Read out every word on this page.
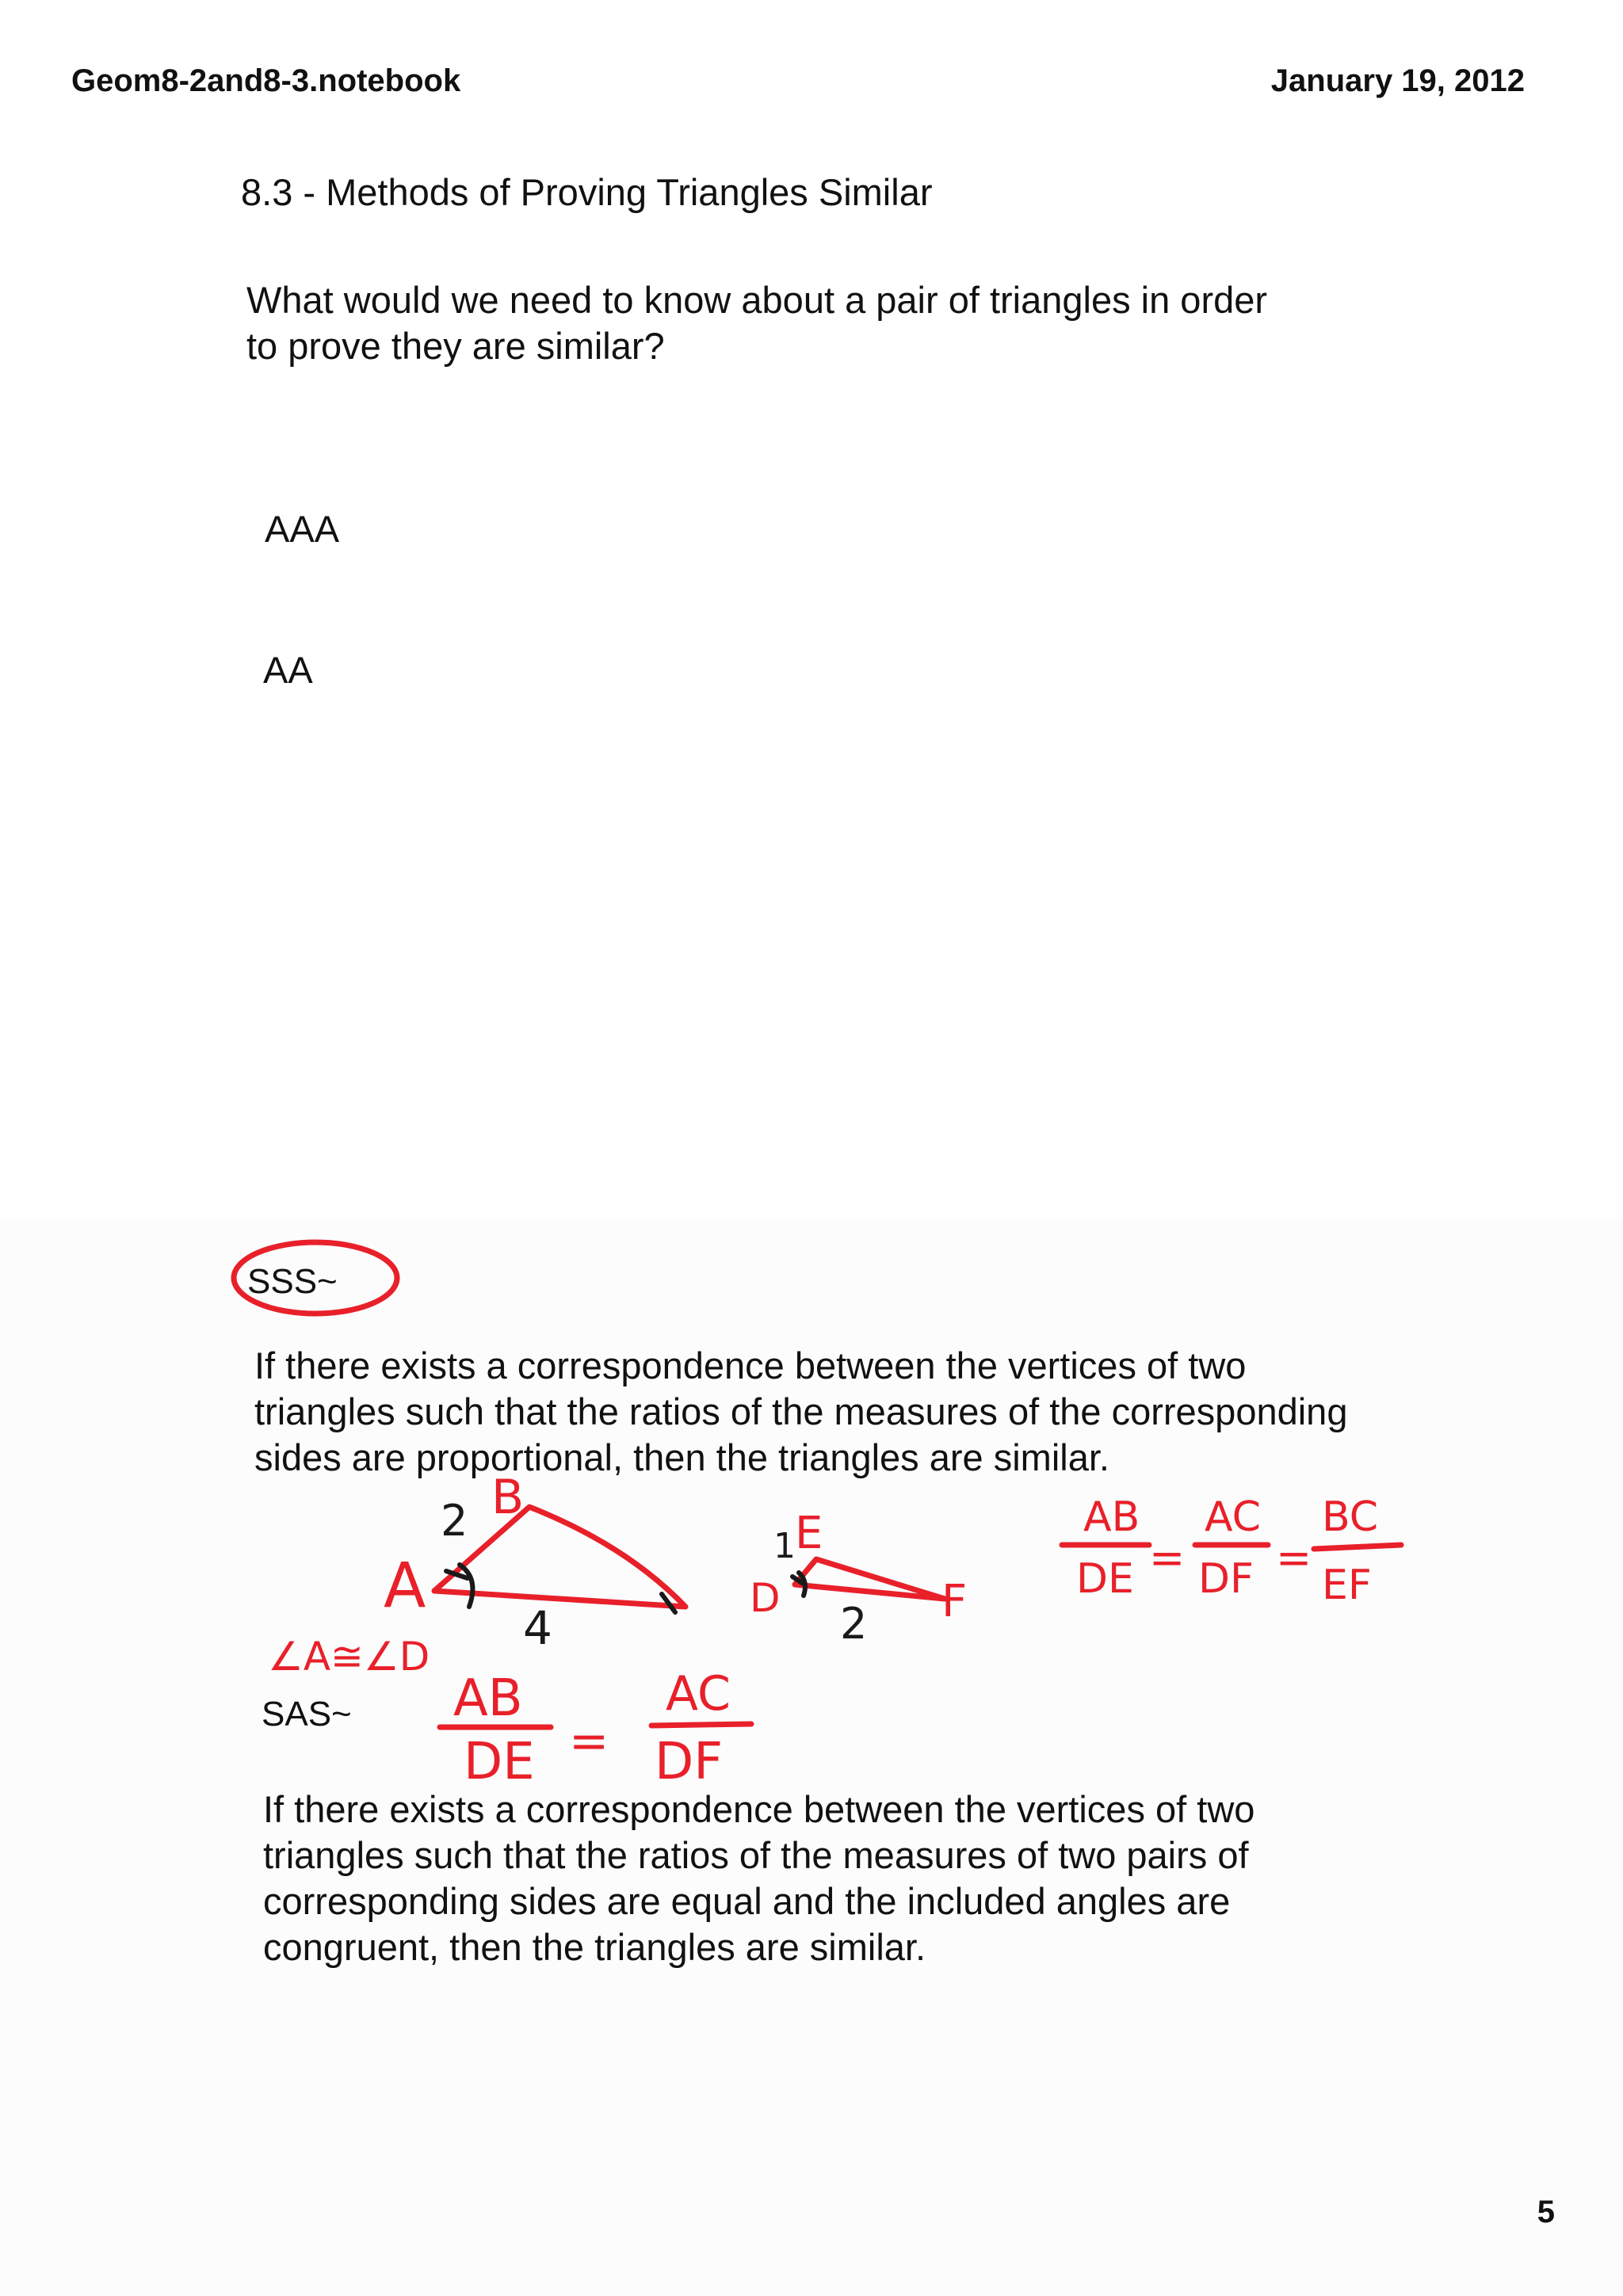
Geom8-2and8-3.notebook	January 19, 2012
8.3 - Methods of Proving Triangles Similar
What would we need to know about a pair of triangles in order
to prove they are similar?
AAA
AA
SSS~
If there exists a correspondence between the vertices of two
triangles such that the ratios of the measures of the corresponding
sides are proportional, then the triangles are similar.
SAS~
If there exists a correspondence between the vertices of two
triangles such that the ratios of the measures of two pairs of
corresponding sides are equal and the included angles are
congruent, then the triangles are similar.
A
B
2
4
D
E
F
1
2
AB
DE =
AC
DF =
BC
EF
∠A≅∠D
AB
DE =
AC
DF
5
